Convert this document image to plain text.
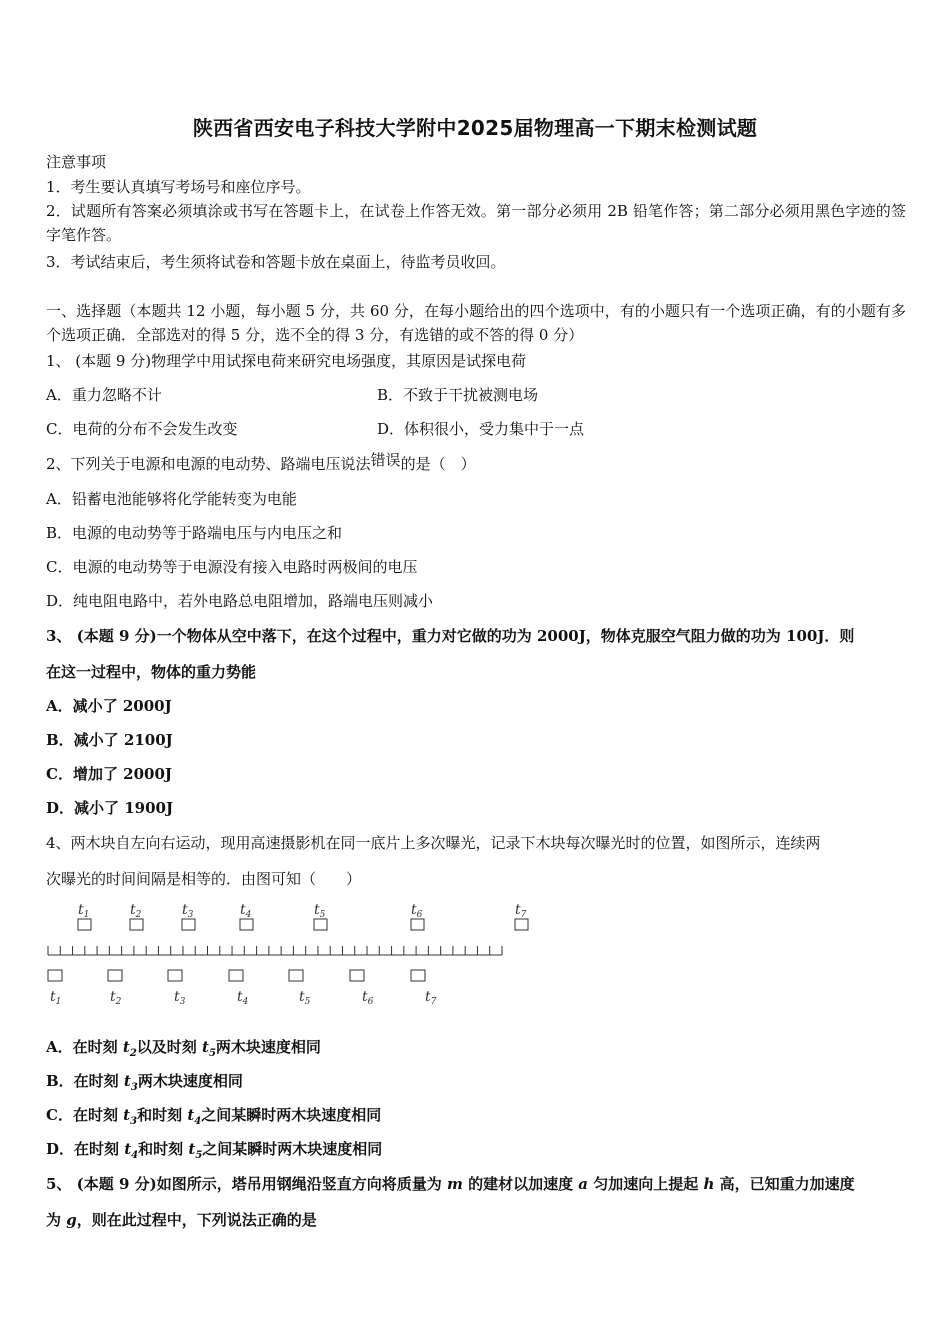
陕西省西安电子科技大学附中2025届物理高一下期末检测试题
注意事项
1．考生要认真填写考场号和座位序号。
2．试题所有答案必须填涂或书写在答题卡上，在试卷上作答无效。第一部分必须用 2B 铅笔作答；第二部分必须用黑色字迹的签字笔作答。
3．考试结束后，考生须将试卷和答题卡放在桌面上，待监考员收回。
一、选择题（本题共 12 小题，每小题 5 分，共 60 分，在每小题给出的四个选项中，有的小题只有一个选项正确，有的小题有多个选项正确．全部选对的得 5 分，选不全的得 3 分，有选错的或不答的得 0 分）
1、 (本题 9 分)物理学中用试探电荷来研究电场强度，其原因是试探电荷
A．重力忽略不计	B．不致于干扰被测电场
C．电荷的分布不会发生改变	D．体积很小，受力集中于一点
2、下列关于电源和电源的电动势、路端电压说法错误的是（　）
A．铅蓄电池能够将化学能转变为电能
B．电源的电动势等于路端电压与内电压之和
C．电源的电动势等于电源没有接入电路时两极间的电压
D．纯电阻电路中，若外电路总电阻增加，路端电压则减小
3、 (本题 9 分)一个物体从空中落下，在这个过程中，重力对它做的功为 2000J，物体克服空气阻力做的功为 100J．则
在这一过程中，物体的重力势能
A．减小了 2000J
B．减小了 2100J
C．增加了 2000J
D．减小了 1900J
4、两木块自左向右运动，现用高速摄影机在同一底片上多次曝光，记录下木块每次曝光时的位置，如图所示，连续两
次曝光的时间间隔是相等的．由图可知（　　）
$t_1$	$t_2$	$t_3$	$t_4$	$t_5$	$t_6$	$t_7$
$t_1$	$t_2$	$t_3$	$t_4$	$t_5$	$t_6$	$t_7$
A．在时刻 $t_2$以及时刻 $t_5$两木块速度相同
B．在时刻 $t_3$两木块速度相同
C．在时刻 $t_3$和时刻 $t_4$之间某瞬时两木块速度相同
D．在时刻 $t_4$和时刻 $t_5$之间某瞬时两木块速度相同
5、 (本题 9 分)如图所示，塔吊用钢绳沿竖直方向将质量为 m 的建材以加速度 a 匀加速向上提起 h 高，已知重力加速度
为 g，则在此过程中，下列说法正确的是
